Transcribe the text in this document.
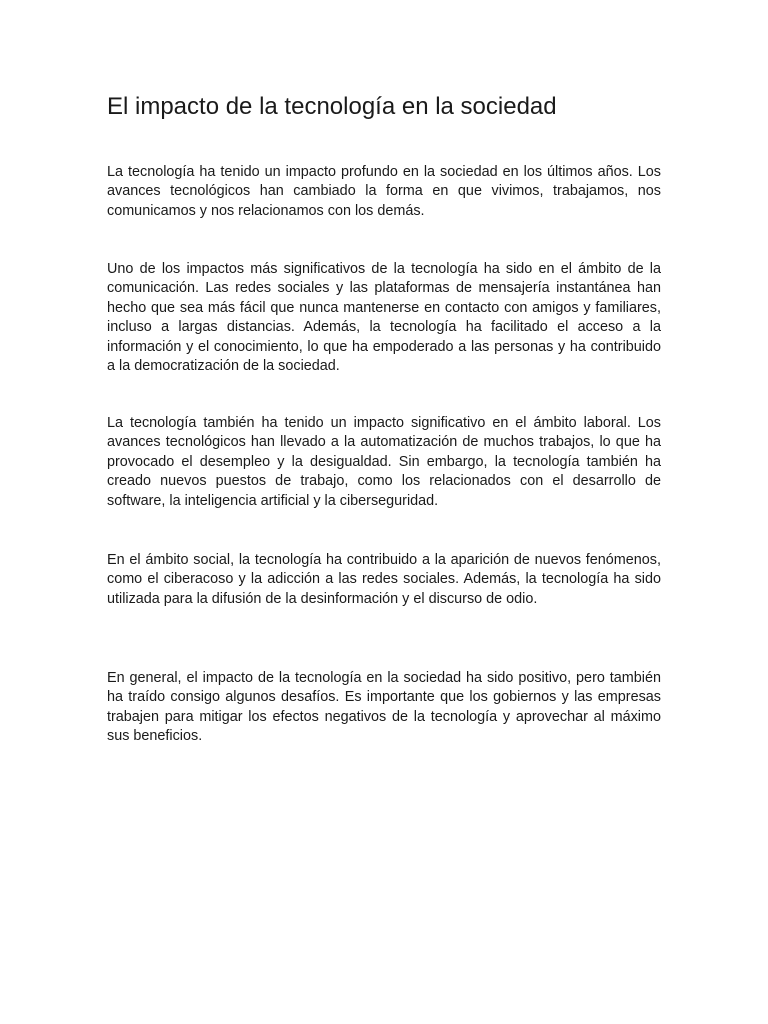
El impacto de la tecnología en la sociedad

La tecnología ha tenido un impacto profundo en la sociedad en los últimos años. Los avances tecnológicos han cambiado la forma en que vivimos, trabajamos, nos comunicamos y nos relacionamos con los demás.

Uno de los impactos más significativos de la tecnología ha sido en el ámbito de la comunicación. Las redes sociales y las plataformas de mensajería instantánea han hecho que sea más fácil que nunca mantenerse en contacto con amigos y familiares, incluso a largas distancias. Además, la tecnología ha facilitado el acceso a la información y el conocimiento, lo que ha empoderado a las personas y ha contribuido a la democratización de la sociedad.

La tecnología también ha tenido un impacto significativo en el ámbito laboral. Los avances tecnológicos han llevado a la automatización de muchos trabajos, lo que ha provocado el desempleo y la desigualdad. Sin embargo, la tecnología también ha creado nuevos puestos de trabajo, como los relacionados con el desarrollo de software, la inteligencia artificial y la ciberseguridad.

En el ámbito social, la tecnología ha contribuido a la aparición de nuevos fenómenos, como el ciberacoso y la adicción a las redes sociales. Además, la tecnología ha sido utilizada para la difusión de la desinformación y el discurso de odio.

En general, el impacto de la tecnología en la sociedad ha sido positivo, pero también ha traído consigo algunos desafíos. Es importante que los gobiernos y las empresas trabajen para mitigar los efectos negativos de la tecnología y aprovechar al máximo sus beneficios.
